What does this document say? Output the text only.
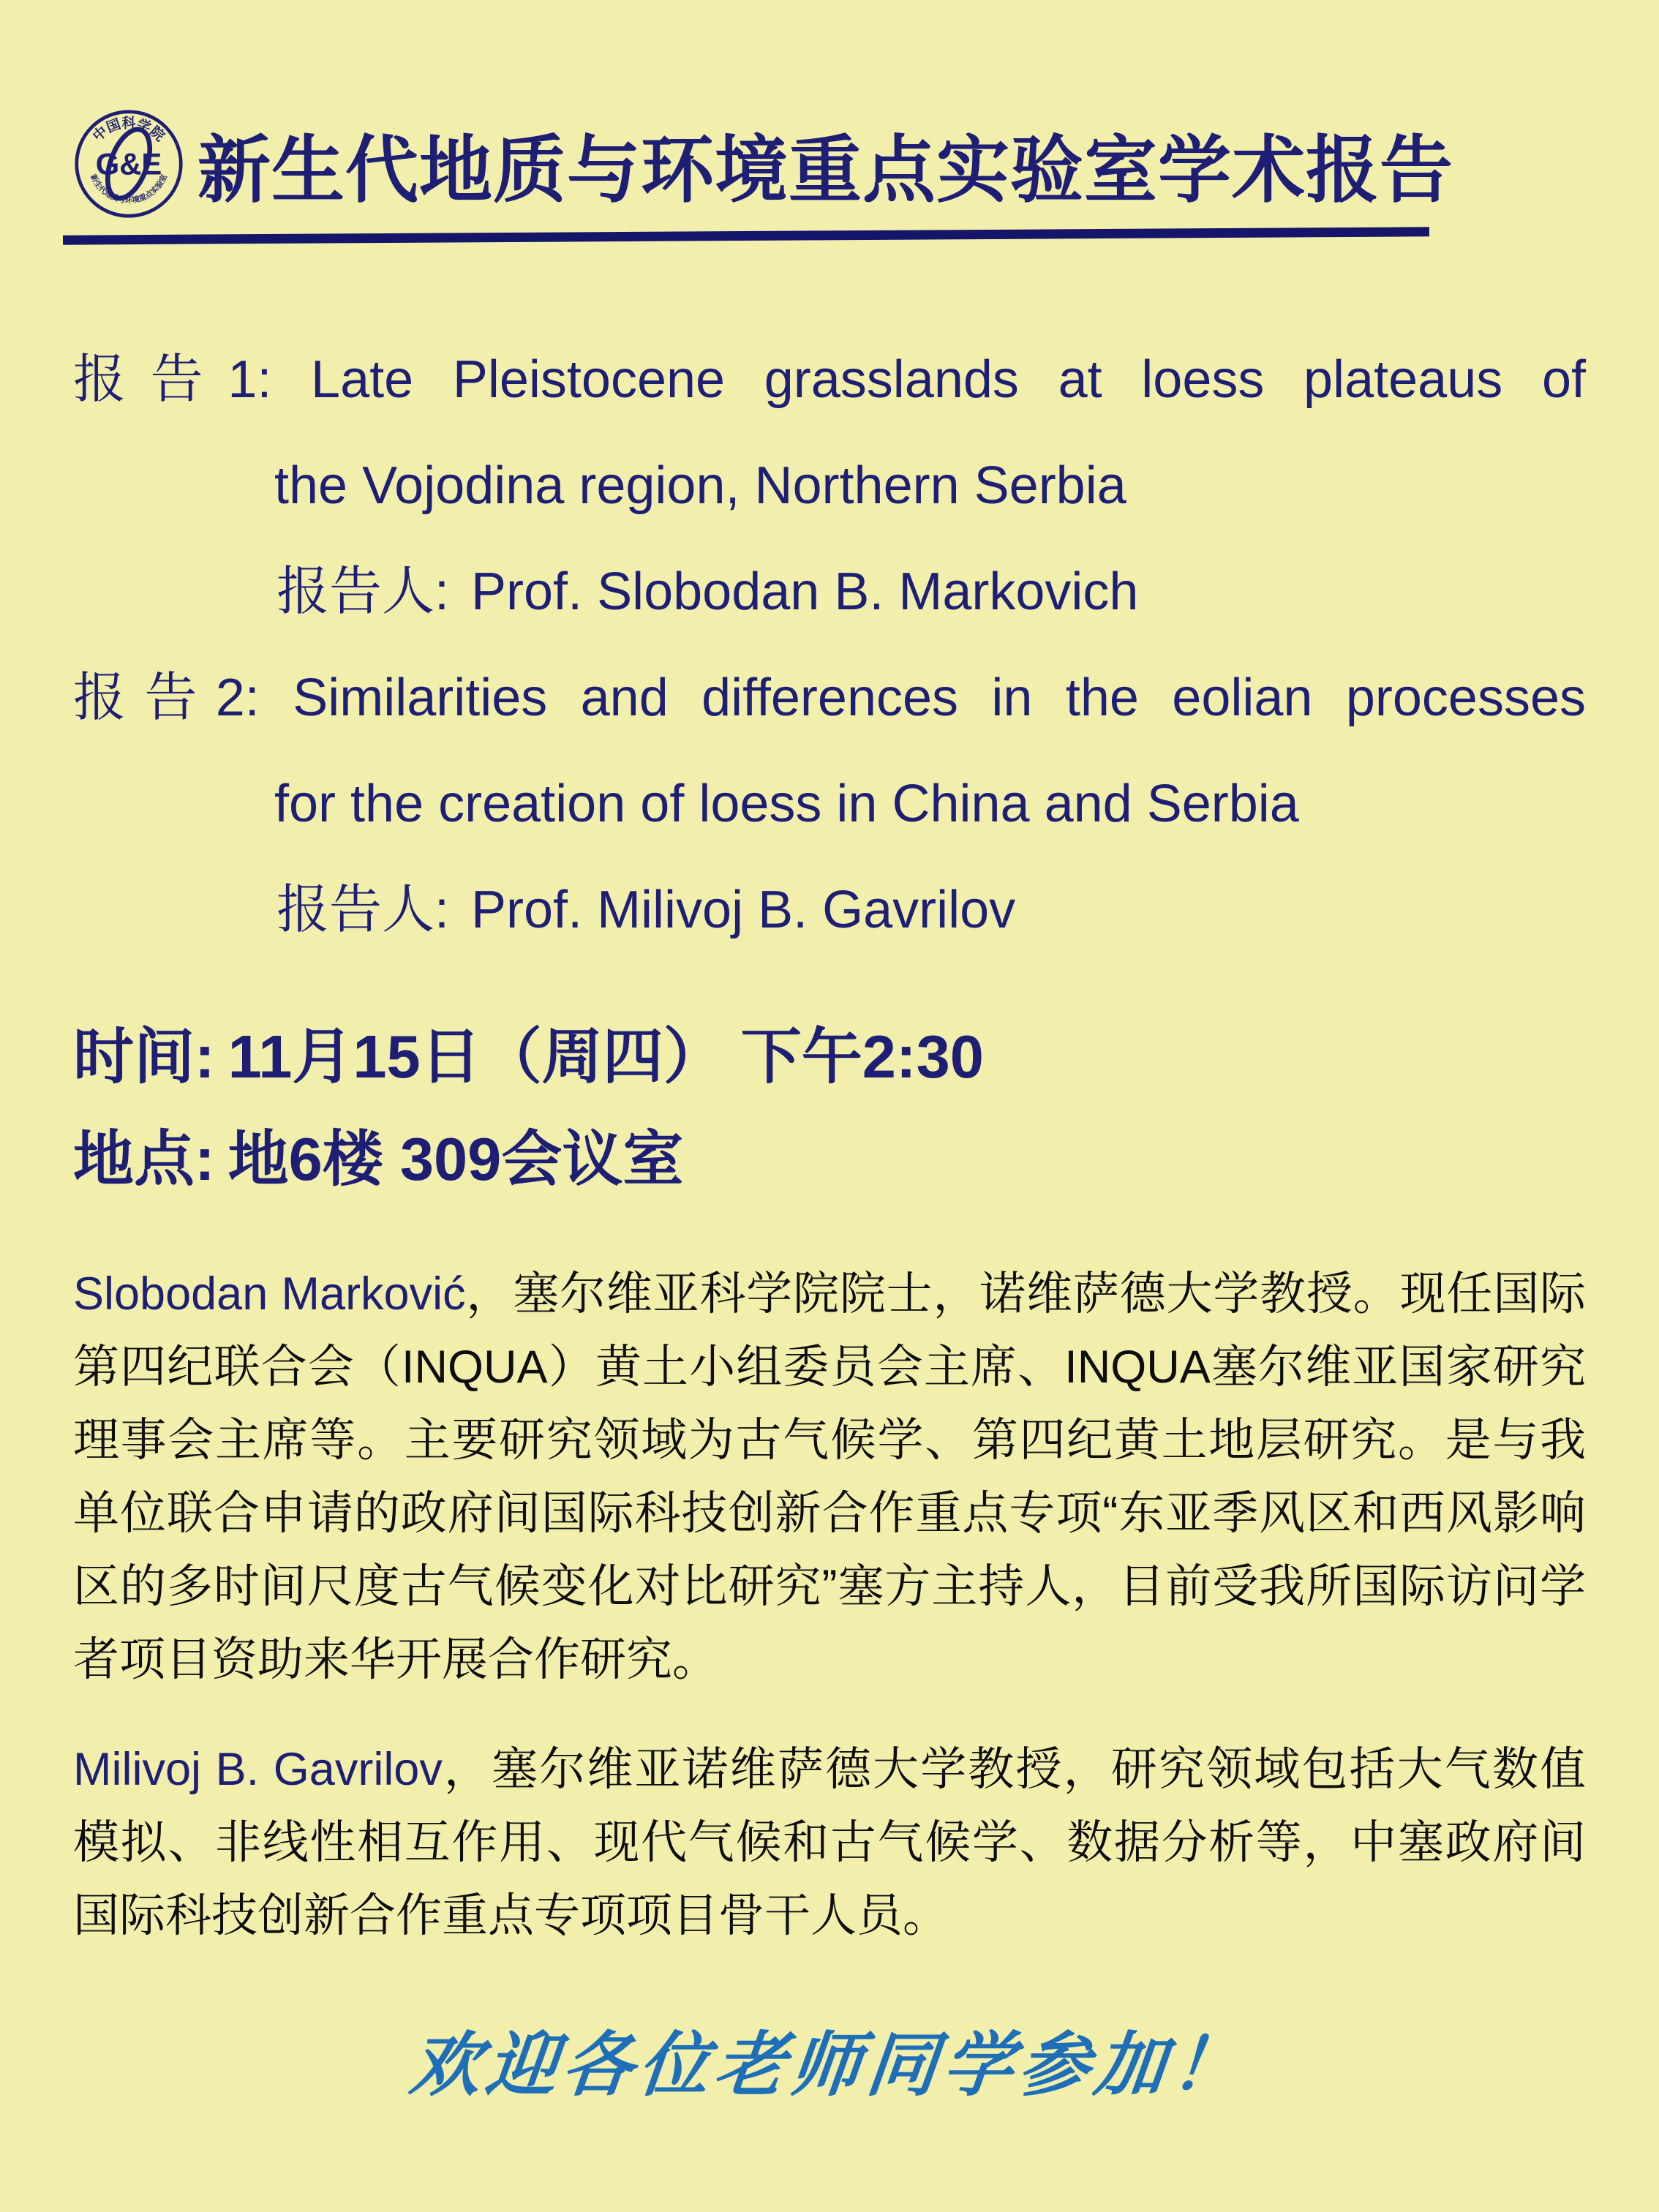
中国科学院
新生代地质与环境重点实验室
G&E 新生代地质与环境重点实验室学术报告

报告1: Late Pleistocene grasslands at loess plateaus of

the Vojodina region, Northern Serbia

报告人: Prof. Slobodan B. Markovich

报告2: Similarities and differences in the eolian processes

for the creation of loess in China and Serbia

报告人: Prof. Milivoj B. Gavrilov

时间: 11月15日（周四） 下午2:30

地点: 地6楼 309会议室

Slobodan Marković，塞尔维亚科学院院士，诺维萨德大学教授。现任国际第四纪联合会（INQUA）黄土小组委员会主席、INQUA塞尔维亚国家研究理事会主席等。主要研究领域为古气候学、第四纪黄土地层研究。是与我单位联合申请的政府间国际科技创新合作重点专项“东亚季风区和西风影响区的多时间尺度古气候变化对比研究”塞方主持人，目前受我所国际访问学者项目资助来华开展合作研究。

Milivoj B. Gavrilov，塞尔维亚诺维萨德大学教授，研究领域包括大气数值模拟、非线性相互作用、现代气候和古气候学、数据分析等，中塞政府间国际科技创新合作重点专项项目骨干人员。

欢迎各位老师同学参加！
